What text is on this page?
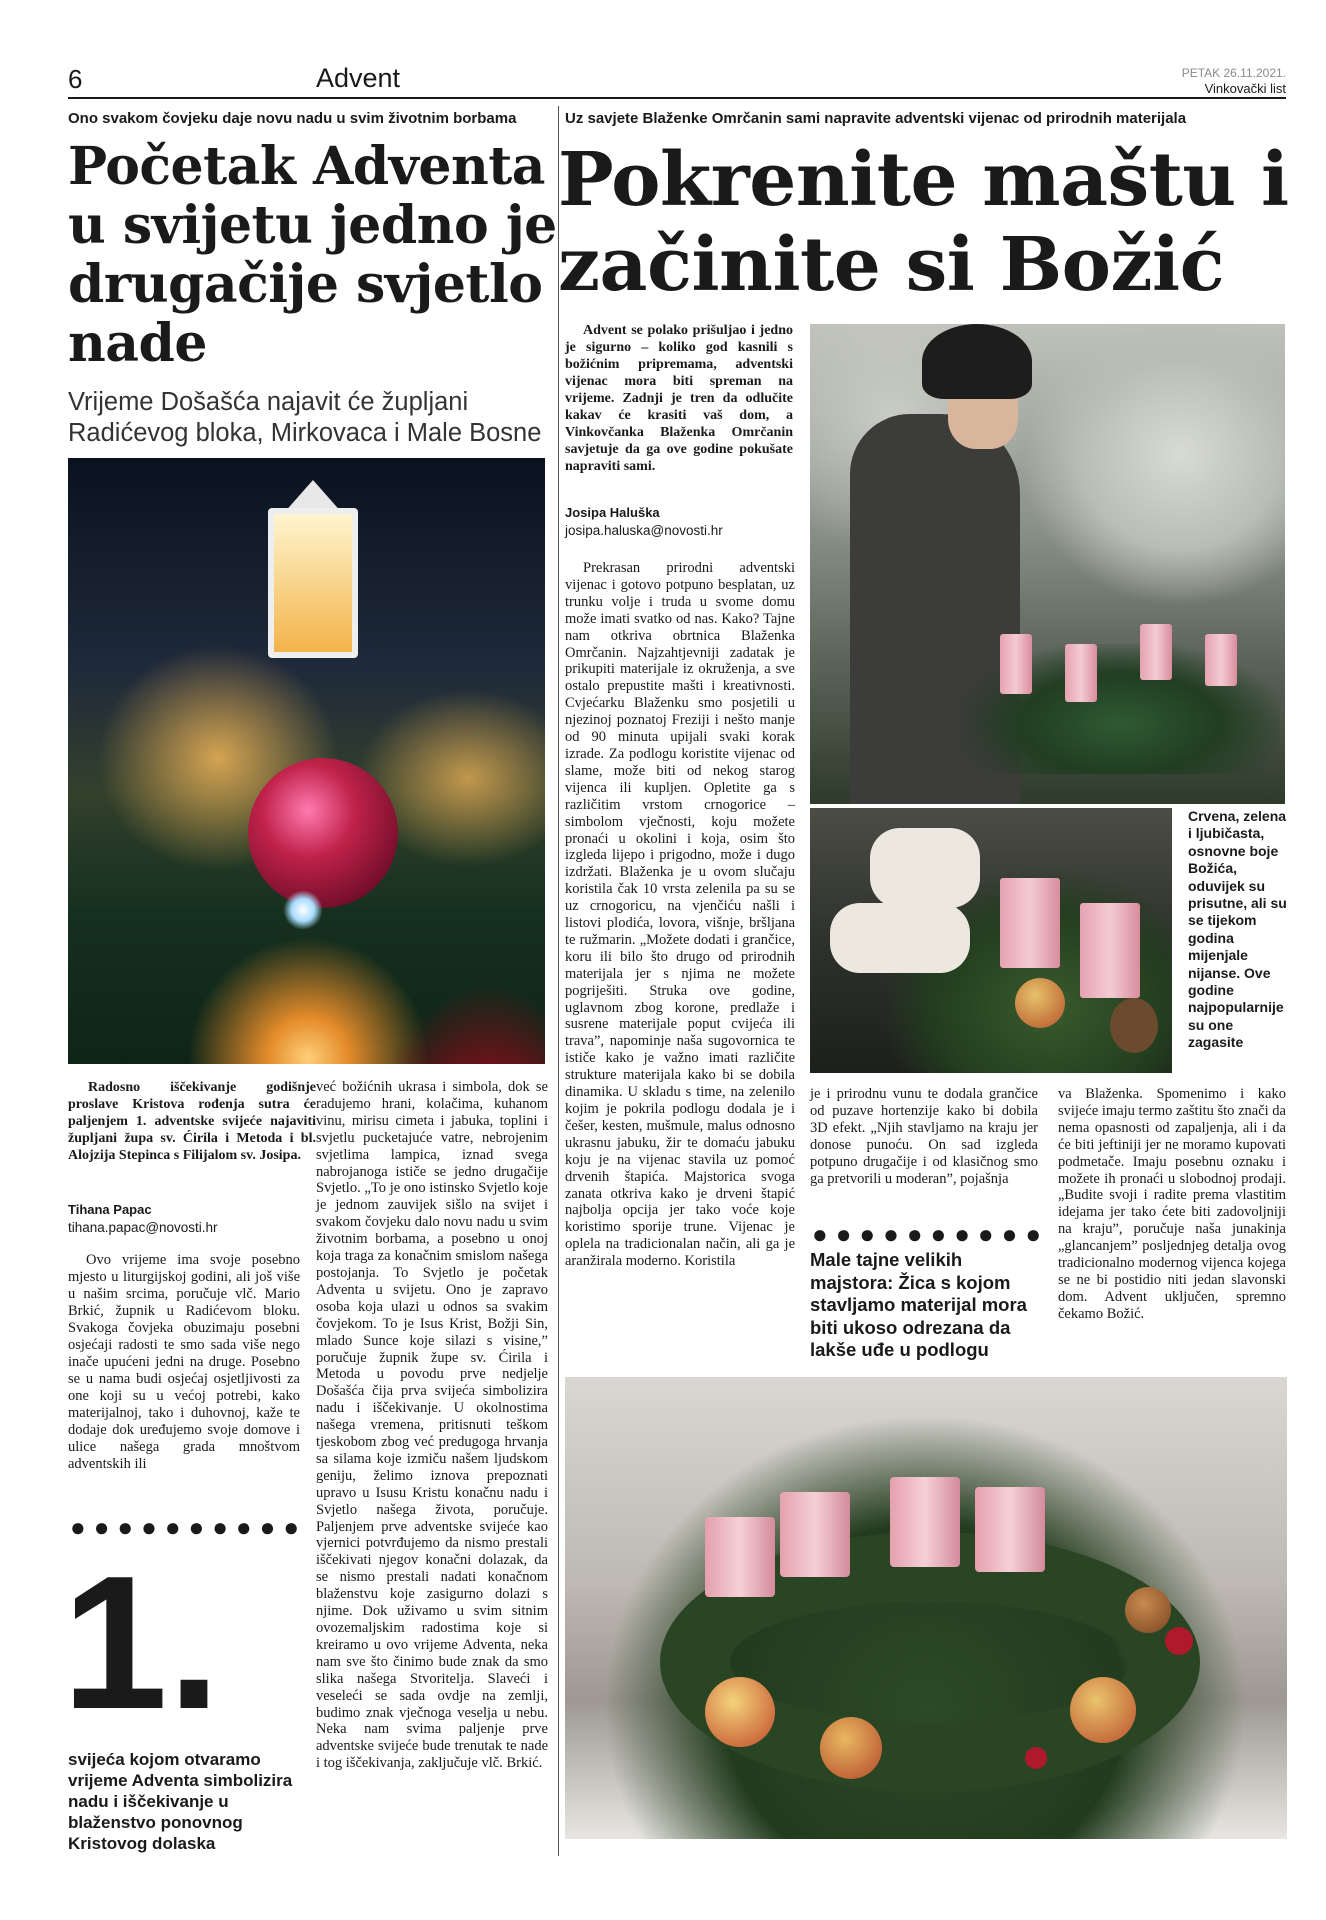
6	Advent	PETAK 26.11.2021.
Vinkovački list
Ono svakom čovjeku daje novu nadu u svim životnim borbama
Početak Adventa u svijetu jedno je drugačije svjetlo nade
Vrijeme Došašća najavit će župljani Radićevog bloka, Mirkovaca i Male Bosne
Radosno iščekivanje godišnje proslave Kristova rođenja sutra će paljenjem 1. adventske svijeće najaviti župljani župa sv. Ćirila i Metoda i bl. Alojzija Stepinca s Filijalom sv. Josipa.
Tihana Papac
tihana.papac@novosti.hr
Ovo vrijeme ima svoje posebno mjesto u liturgijskoj godini, ali još više u našim srcima, poručuje vlč. Mario Brkić, župnik u Radićevom bloku. Svakoga čovjeka obuzimaju posebni osjećaji radosti te smo sada više nego inače upućeni jedni na druge. Posebno se u nama budi osjećaj osjetljivosti za one koji su u većoj potrebi, kako materijalnoj, tako i duhovnoj, kaže te dodaje dok uređujemo svoje domove i ulice našega grada mnoštvom adventskih ili
već božićnih ukrasa i simbola, dok se radujemo hrani, kolačima, kuhanom vinu, mirisu cimeta i jabuka, toplini i svjetlu pucketajuće vatre, nebrojenim svjetlima lampica, iznad svega nabrojanoga ističe se jedno drugačije Svjetlo. „To je ono istinsko Svjetlo koje je jednom zauvijek sišlo na svijet i svakom čovjeku dalo novu nadu u svim životnim borbama, a posebno u onoj koja traga za konačnim smislom našega postojanja. To Svjetlo je početak Adventa u svijetu. Ono je zapravo osoba koja ulazi u odnos sa svakim čovjekom. To je Isus Krist, Božji Sin, mlado Sunce koje silazi s visine,” poručuje župnik župe sv. Ćirila i Metoda u povodu prve nedjelje Došašća čija prva svijeća simbolizira nadu i iščekivanje. U okolnostima našega vremena, pritisnuti teškom tjeskobom zbog već predugoga hrvanja sa silama koje izmiču našem ljudskom geniju, želimo iznova prepoznati upravo u Isusu Kristu konačnu nadu i Svjetlo našega života, poručuje. Paljenjem prve adventske svijeće kao vjernici potvrđujemo da nismo prestali iščekivati njegov konačni dolazak, da se nismo prestali nadati konačnom blaženstvu koje zasigurno dolazi s njime. Dok uživamo u svim sitnim ovozemaljskim radostima koje si kreiramo u ovo vrijeme Adventa, neka nam sve što činimo bude znak da smo slika našega Stvoritelja. Slaveći i veseleći se sada ovdje na zemlji, budimo znak vječnoga veselja u nebu. Neka nam svima paljenje prve adventske svijeće bude trenutak te nade i tog iščekivanja, zaključuje vlč. Brkić.
●●●●●●●●●●
1.
svijeća kojom otvaramo vrijeme Adventa simbolizira nadu i iščekivanje u blaženstvo ponovnog Kristovog dolaska
Uz savjete Blaženke Omrčanin sami napravite adventski vijenac od prirodnih materijala
Pokrenite maštu i začinite si Božić
Advent se polako prišuljao i jedno je sigurno – koliko god kasnili s božićnim pripremama, adventski vijenac mora biti spreman na vrijeme. Zadnji je tren da odlučite kakav će krasiti vaš dom, a Vinkovčanka Blaženka Omrčanin savjetuje da ga ove godine pokušate napraviti sami.
Josipa Haluška
josipa.haluska@novosti.hr
Prekrasan prirodni adventski vijenac i gotovo potpuno besplatan, uz trunku volje i truda u svome domu može imati svatko od nas. Kako? Tajne nam otkriva obrtnica Blaženka Omrčanin. Najzahtjevniji zadatak je prikupiti materijale iz okruženja, a sve ostalo prepustite mašti i kreativnosti. Cvjećarku Blaženku smo posjetili u njezinoj poznatoj Freziji i nešto manje od 90 minuta upijali svaki korak izrade. Za podlogu koristite vijenac od slame, može biti od nekog starog vijenca ili kupljen. Opletite ga s različitim vrstom crnogorice – simbolom vječnosti, koju možete pronaći u okolini i koja, osim što izgleda lijepo i prigodno, može i dugo izdržati. Blaženka je u ovom slučaju koristila čak 10 vrsta zelenila pa su se uz crnogoricu, na vjenčiću našli i listovi plodića, lovora, višnje, bršljana te ružmarin. „Možete dodati i grančice, koru ili bilo što drugo od prirodnih materijala jer s njima ne možete pogriješiti. Struka ove godine, uglavnom zbog korone, predlaže i susrene materijale poput cvijeća ili trava”, napominje naša sugovornica te ističe kako je važno imati različite strukture materijala kako bi se dobila dinamika. U skladu s time, na zelenilo kojim je pokrila podlogu dodala je i češer, kesten, mušmule, malus odnosno ukrasnu jabuku, žir te domaću jabuku koju je na vijenac stavila uz pomoć drvenih štapića. Majstorica svoga zanata otkriva kako je drveni štapić najbolja opcija jer tako voće koje koristimo sporije trune. Vijenac je oplela na tradicionalan način, ali ga je aranžirala moderno. Koristila
Crvena, zelena i ljubičasta, osnovne boje Božića, oduvijek su prisutne, ali su se tijekom godina mijenjale nijanse. Ove godine najpopularnije su one zagasite
je i prirodnu vunu te dodala grančice od puzave hortenzije kako bi dobila 3D efekt. „Njih stavljamo na kraju jer donose punoću. On sad izgleda potpuno drugačije i od klasičnog smo ga pretvorili u moderan”, pojašnja
●●●●●●●●●●
Male tajne velikih majstora: Žica s kojom stavljamo materijal mora biti ukoso odrezana da lakše uđe u podlogu
va Blaženka. Spomenimo i kako svijeće imaju termo zaštitu što znači da nema opasnosti od zapaljenja, ali i da će biti jeftiniji jer ne moramo kupovati podmetače. Imaju posebnu oznaku i možete ih pronaći u slobodnoj prodaji. „Budite svoji i radite prema vlastitim idejama jer tako ćete biti zadovoljniji na kraju”, poručuje naša junakinja „glancanjem” posljednjeg detalja ovog tradicionalno modernog vijenca kojega se ne bi postidio niti jedan slavonski dom. Advent uključen, spremno čekamo Božić.
